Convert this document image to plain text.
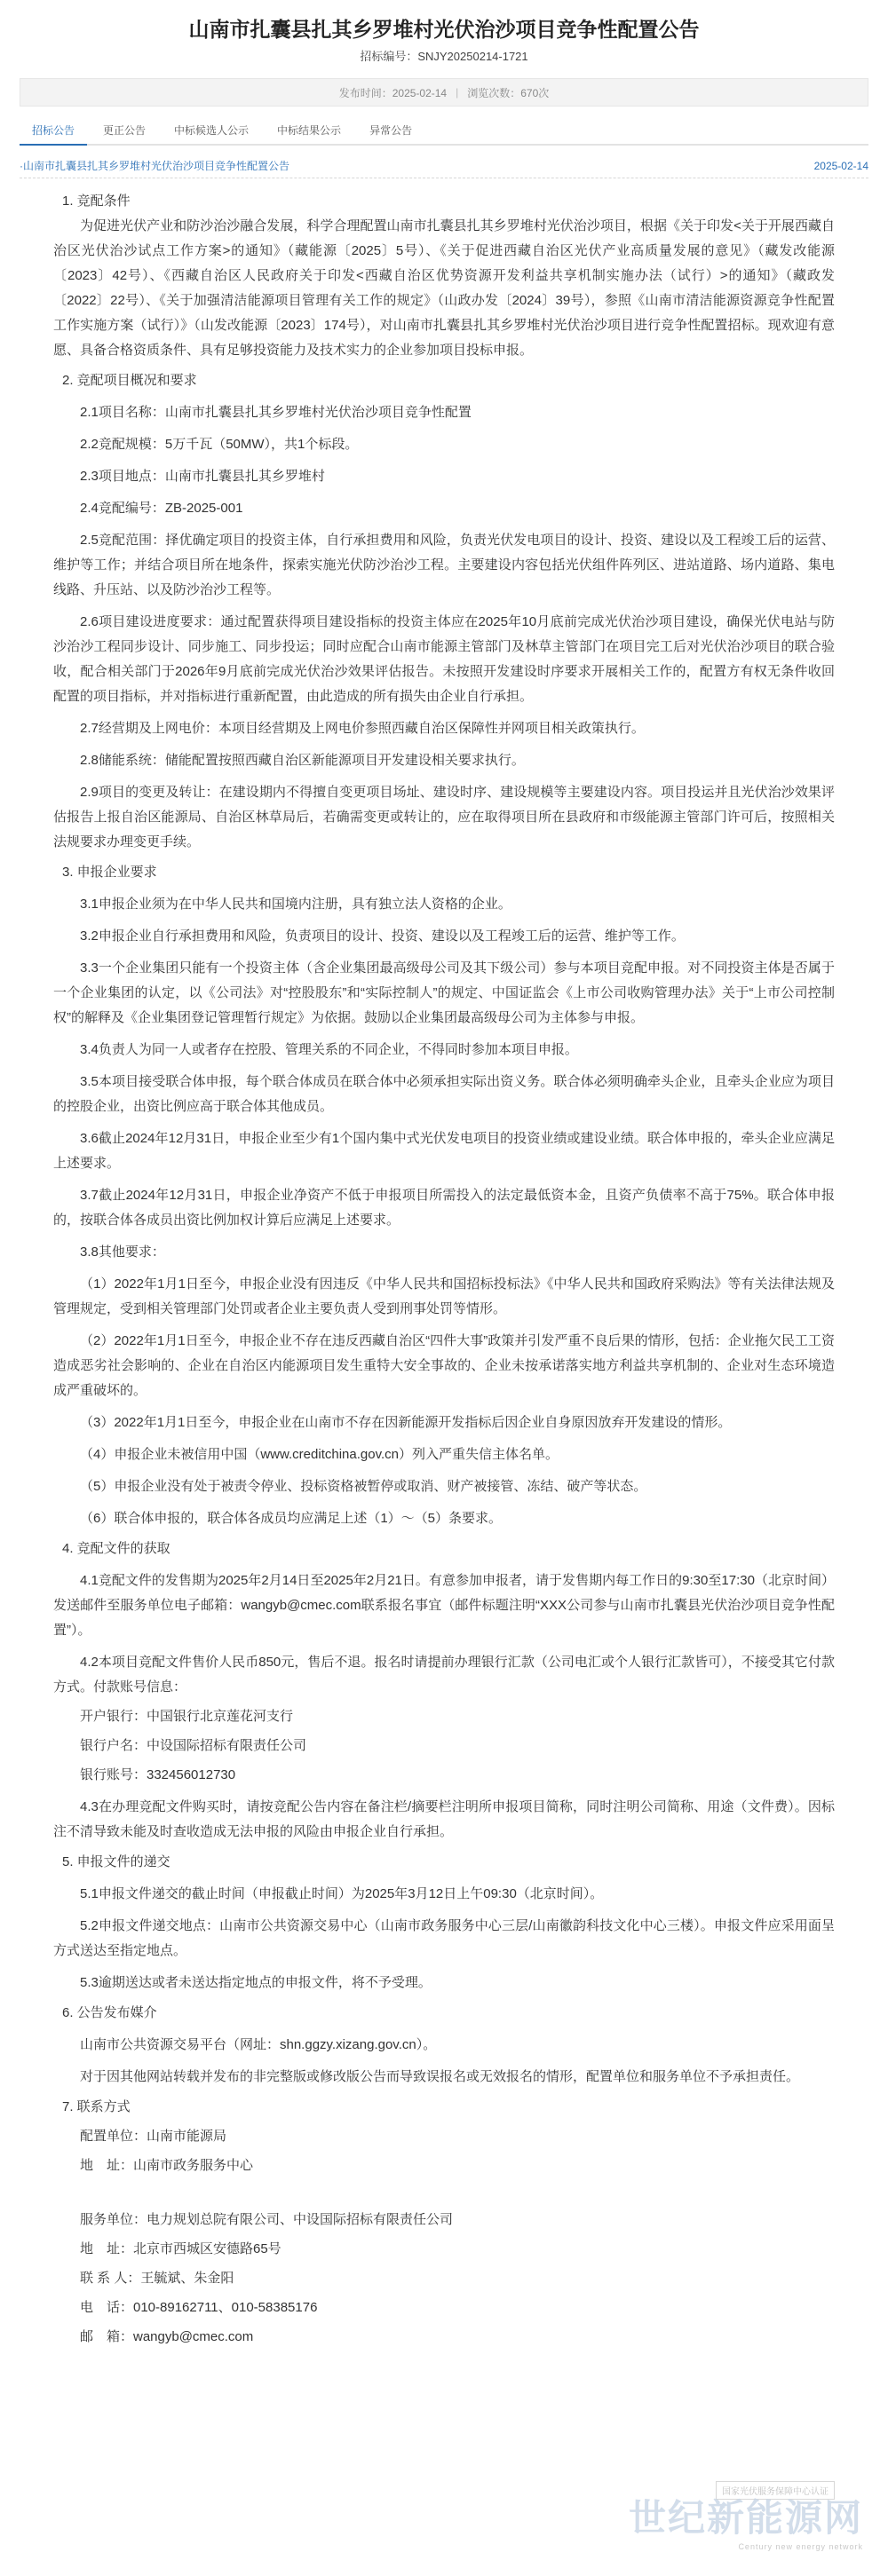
山南市扎囊县扎其乡罗堆村光伏治沙项目竞争性配置公告
招标编号：SNJY20250214-1721
发布时间：2025-02-14 | 浏览次数：670次
招标公告	更正公告	中标候选人公示	中标结果公示	异常公告
· 山南市扎囊县扎其乡罗堆村光伏治沙项目竞争性配置公告	2025-02-14

1. 竞配条件

为促进光伏产业和防沙治沙融合发展，科学合理配置山南市扎囊县扎其乡罗堆村光伏治沙项目，根据《关于印发<关于开展西藏自治区光伏治沙试点工作方案>的通知》（藏能源〔2025〕5号）、《关于促进西藏自治区光伏产业高质量发展的意见》（藏发改能源〔2023〕42号）、《西藏自治区人民政府关于印发<西藏自治区优势资源开发利益共享机制实施办法（试行）>的通知》（藏政发〔2022〕22号）、《关于加强清洁能源项目管理有关工作的规定》（山政办发〔2024〕39号），参照《山南市清洁能源资源竞争性配置工作实施方案（试行）》（山发改能源〔2023〕174号），对山南市扎囊县扎其乡罗堆村光伏治沙项目进行竞争性配置招标。现欢迎有意愿、具备合格资质条件、具有足够投资能力及技术实力的企业参加项目投标申报。

2. 竞配项目概况和要求

2.1项目名称：山南市扎囊县扎其乡罗堆村光伏治沙项目竞争性配置

2.2竞配规模：5万千瓦（50MW），共1个标段。

2.3项目地点：山南市扎囊县扎其乡罗堆村

2.4竞配编号：ZB-2025-001

2.5竞配范围：择优确定项目的投资主体，自行承担费用和风险，负责光伏发电项目的设计、投资、建设以及工程竣工后的运营、维护等工作；并结合项目所在地条件，探索实施光伏防沙治沙工程。主要建设内容包括光伏组件阵列区、进站道路、场内道路、集电线路、升压站、以及防沙治沙工程等。

2.6项目建设进度要求：通过配置获得项目建设指标的投资主体应在2025年10月底前完成光伏治沙项目建设，确保光伏电站与防沙治沙工程同步设计、同步施工、同步投运；同时应配合山南市能源主管部门及林草主管部门在项目完工后对光伏治沙项目的联合验收，配合相关部门于2026年9月底前完成光伏治沙效果评估报告。未按照开发建设时序要求开展相关工作的，配置方有权无条件收回配置的项目指标，并对指标进行重新配置，由此造成的所有损失由企业自行承担。

2.7经营期及上网电价：本项目经营期及上网电价参照西藏自治区保障性并网项目相关政策执行。

2.8储能系统：储能配置按照西藏自治区新能源项目开发建设相关要求执行。

2.9项目的变更及转让：在建设期内不得擅自变更项目场址、建设时序、建设规模等主要建设内容。项目投运并且光伏治沙效果评估报告上报自治区能源局、自治区林草局后，若确需变更或转让的，应在取得项目所在县政府和市级能源主管部门许可后，按照相关法规要求办理变更手续。

3. 申报企业要求

3.1申报企业须为在中华人民共和国境内注册，具有独立法人资格的企业。

3.2申报企业自行承担费用和风险，负责项目的设计、投资、建设以及工程竣工后的运营、维护等工作。

3.3一个企业集团只能有一个投资主体（含企业集团最高级母公司及其下级公司）参与本项目竞配申报。对不同投资主体是否属于一个企业集团的认定，以《公司法》对“控股股东”和“实际控制人”的规定、中国证监会《上市公司收购管理办法》关于“上市公司控制权”的解释及《企业集团登记管理暂行规定》为依据。鼓励以企业集团最高级母公司为主体参与申报。

3.4负责人为同一人或者存在控股、管理关系的不同企业，不得同时参加本项目申报。

3.5本项目接受联合体申报，每个联合体成员在联合体中必须承担实际出资义务。联合体必须明确牵头企业，且牵头企业应为项目的控股企业，出资比例应高于联合体其他成员。

3.6截止2024年12月31日，申报企业至少有1个国内集中式光伏发电项目的投资业绩或建设业绩。联合体申报的，牵头企业应满足上述要求。

3.7截止2024年12月31日，申报企业净资产不低于申报项目所需投入的法定最低资本金，且资产负债率不高于75%。联合体申报的，按联合体各成员出资比例加权计算后应满足上述要求。

3.8其他要求：

（1）2022年1月1日至今，申报企业没有因违反《中华人民共和国招标投标法》《中华人民共和国政府采购法》等有关法律法规及管理规定，受到相关管理部门处罚或者企业主要负责人受到刑事处罚等情形。

（2）2022年1月1日至今，申报企业不存在违反西藏自治区“四件大事”政策并引发严重不良后果的情形，包括：企业拖欠民工工资造成恶劣社会影响的、企业在自治区内能源项目发生重特大安全事故的、企业未按承诺落实地方利益共享机制的、企业对生态环境造成严重破坏的。

（3）2022年1月1日至今，申报企业在山南市不存在因新能源开发指标后因企业自身原因放弃开发建设的情形。

（4）申报企业未被信用中国（www.creditchina.gov.cn）列入严重失信主体名单。

（5）申报企业没有处于被责令停业、投标资格被暂停或取消、财产被接管、冻结、破产等状态。

（6）联合体申报的，联合体各成员均应满足上述（1）～（5）条要求。

4. 竞配文件的获取

4.1竞配文件的发售期为2025年2月14日至2025年2月21日。有意参加申报者，请于发售期内每工作日的9:30至17:30（北京时间）发送邮件至服务单位电子邮箱：wangyb@cmec.com联系报名事宜（邮件标题注明“XXX公司参与山南市扎囊县光伏治沙项目竞争性配置”）。

4.2本项目竞配文件售价人民币850元，售后不退。报名时请提前办理银行汇款（公司电汇或个人银行汇款皆可），不接受其它付款方式。付款账号信息：

开户银行：中国银行北京莲花河支行

银行户名：中设国际招标有限责任公司

银行账号：332456012730

4.3在办理竞配文件购买时，请按竞配公告内容在备注栏/摘要栏注明所申报项目简称，同时注明公司简称、用途（文件费）。因标注不清导致未能及时查收造成无法申报的风险由申报企业自行承担。

5. 申报文件的递交

5.1申报文件递交的截止时间（申报截止时间）为2025年3月12日上午09:30（北京时间）。

5.2申报文件递交地点：山南市公共资源交易中心（山南市政务服务中心三层/山南徽韵科技文化中心三楼）。申报文件应采用面呈方式送达至指定地点。

5.3逾期送达或者未送达指定地点的申报文件，将不予受理。

6. 公告发布媒介

山南市公共资源交易平台（网址：shn.ggzy.xizang.gov.cn）。

对于因其他网站转载并发布的非完整版或修改版公告而导致误报名或无效报名的情形，配置单位和服务单位不予承担责任。

7. 联系方式

配置单位：山南市能源局

地　址：山南市政务服务中心

服务单位：电力规划总院有限公司、中设国际招标有限责任公司

地　址：北京市西城区安德路65号

联 系 人：王毓斌、朱金阳

电　话：010-89162711、010-58385176

邮　箱：wangyb@cmec.com

国家光伏服务保障中心认证
世纪新能源网
Century new energy network
